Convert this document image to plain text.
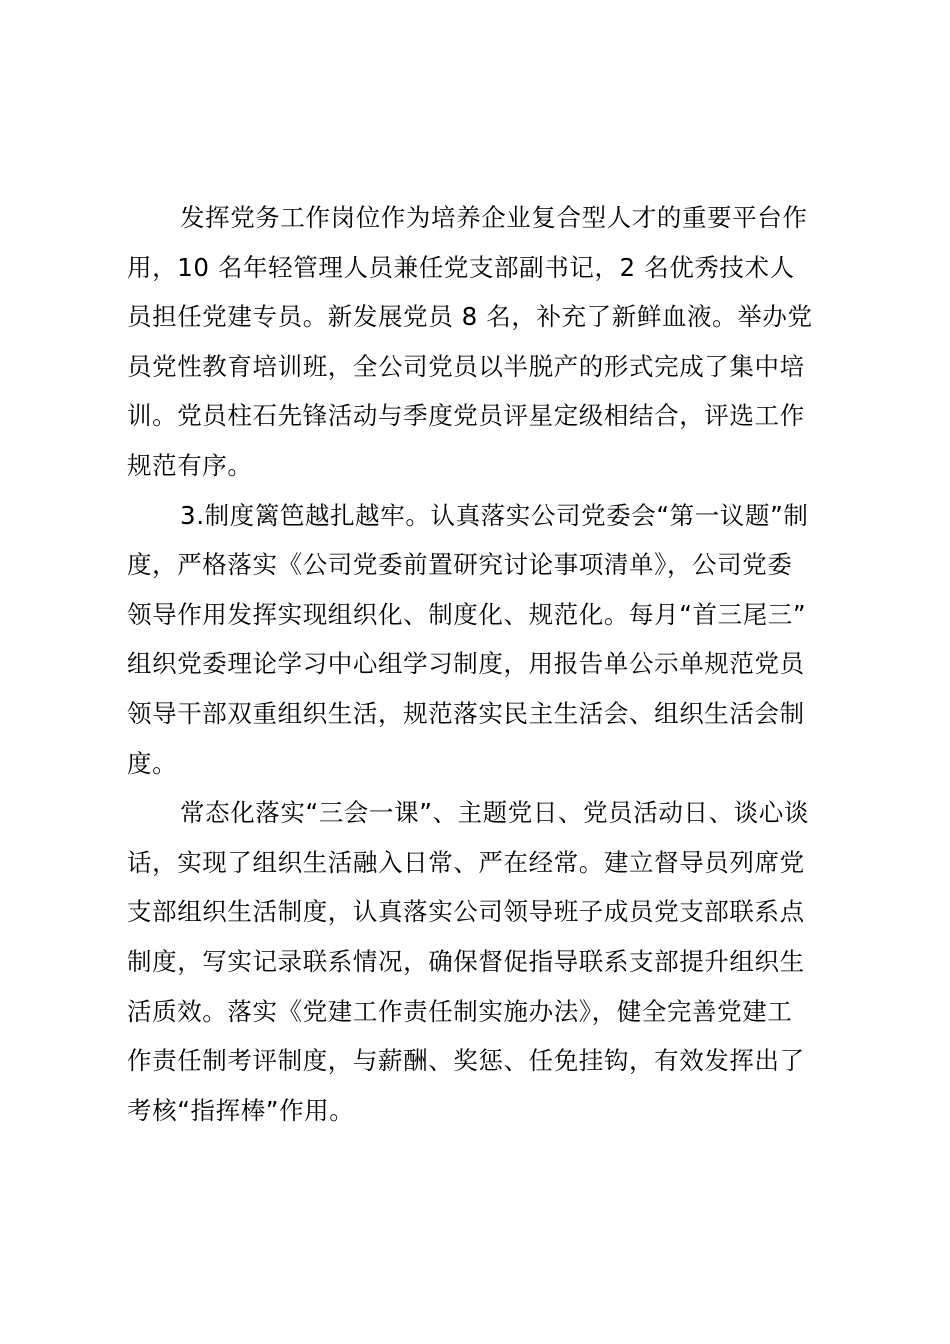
发挥党务工作岗位作为培养企业复合型人才的重要平台作
用，10 名年轻管理人员兼任党支部副书记，2 名优秀技术人
员担任党建专员。新发展党员 8 名，补充了新鲜血液。举办党
员党性教育培训班，全公司党员以半脱产的形式完成了集中培
训。党员柱石先锋活动与季度党员评星定级相结合，评选工作
规范有序。
3.制度篱笆越扎越牢。认真落实公司党委会“第一议题”制
度，严格落实《公司党委前置研究讨论事项清单》，公司党委
领导作用发挥实现组织化、制度化、规范化。每月“首三尾三”
组织党委理论学习中心组学习制度，用报告单公示单规范党员
领导干部双重组织生活，规范落实民主生活会、组织生活会制
度。
常态化落实“三会一课”、主题党日、党员活动日、谈心谈
话，实现了组织生活融入日常、严在经常。建立督导员列席党
支部组织生活制度，认真落实公司领导班子成员党支部联系点
制度，写实记录联系情况，确保督促指导联系支部提升组织生
活质效。落实《党建工作责任制实施办法》，健全完善党建工
作责任制考评制度，与薪酬、奖惩、任免挂钩，有效发挥出了
考核“指挥棒”作用。
